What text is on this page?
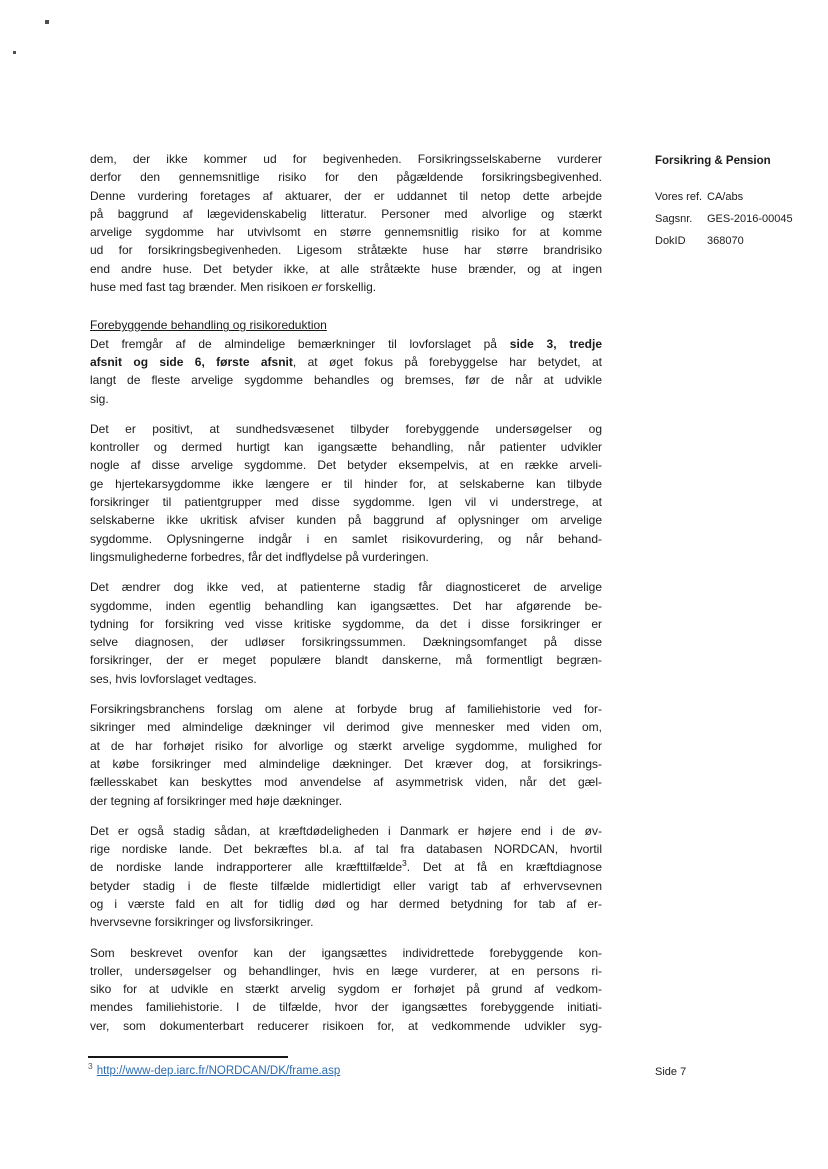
dem, der ikke kommer ud for begivenheden. Forsikringsselskaberne vurderer
derfor den gennemsnitlige risiko for den pågældende forsikringsbegivenhed.
Denne vurdering foretages af aktuarer, der er uddannet til netop dette arbejde
på baggrund af lægevidenskabelig litteratur. Personer med alvorlige og stærkt
arvelige sygdomme har utvivlsomt en større gennemsnitlig risiko for at komme
ud for forsikringsbegivenheden. Ligesom stråtækte huse har større brandrisiko
end andre huse. Det betyder ikke, at alle stråtækte huse brænder, og at ingen
huse med fast tag brænder. Men risikoen er forskellig.
Forebyggende behandling og risikoreduktion
Det fremgår af de almindelige bemærkninger til lovforslaget på side 3, tredje
afsnit og side 6, første afsnit, at øget fokus på forebyggelse har betydet, at
langt de fleste arvelige sygdomme behandles og bremses, før de når at udvikle
sig.
Det er positivt, at sundhedsvæsenet tilbyder forebyggende undersøgelser og
kontroller og dermed hurtigt kan igangsætte behandling, når patienter udvikler
nogle af disse arvelige sygdomme. Det betyder eksempelvis, at en række arveli-
ge hjertekarsygdomme ikke længere er til hinder for, at selskaberne kan tilbyde
forsikringer til patientgrupper med disse sygdomme. Igen vil vi understrege, at
selskaberne ikke ukritisk afviser kunden på baggrund af oplysninger om arvelige
sygdomme. Oplysningerne indgår i en samlet risikovurdering, og når behand-
lingsmulighederne forbedres, får det indflydelse på vurderingen.
Det ændrer dog ikke ved, at patienterne stadig får diagnosticeret de arvelige
sygdomme, inden egentlig behandling kan igangsættes. Det har afgørende be-
tydning for forsikring ved visse kritiske sygdomme, da det i disse forsikringer er
selve diagnosen, der udløser forsikringssummen. Dækningsomfanget på disse
forsikringer, der er meget populære blandt danskerne, må formentligt begræn-
ses, hvis lovforslaget vedtages.
Forsikringsbranchens forslag om alene at forbyde brug af familiehistorie ved for-
sikringer med almindelige dækninger vil derimod give mennesker med viden om,
at de har forhøjet risiko for alvorlige og stærkt arvelige sygdomme, mulighed for
at købe forsikringer med almindelige dækninger. Det kræver dog, at forsikrings-
fællesskabet kan beskyttes mod anvendelse af asymmetrisk viden, når det gæl-
der tegning af forsikringer med høje dækninger.
Det er også stadig sådan, at kræftdødeligheden i Danmark er højere end i de øv-
rige nordiske lande. Det bekræftes bl.a. af tal fra databasen NORDCAN, hvortil
de nordiske lande indrapporterer alle kræfttilfælde$^3$. Det at få en kræftdiagnose
betyder stadig i de fleste tilfælde midlertidigt eller varigt tab af erhvervsevnen
og i værste fald en alt for tidlig død og har dermed betydning for tab af er-
hvervsevne forsikringer og livsforsikringer.
Som beskrevet ovenfor kan der igangsættes individrettede forebyggende kon-
troller, undersøgelser og behandlinger, hvis en læge vurderer, at en persons ri-
siko for at udvikle en stærkt arvelig sygdom er forhøjet på grund af vedkom-
mendes familiehistorie. I de tilfælde, hvor der igangsættes forebyggende initiati-
ver, som dokumenterbart reducerer risikoen for, at vedkommende udvikler syg-
Forsikring & Pension
Vores ref. CA/abs
Sagsnr. GES-2016-00045
DokID 368070
$^3$ http://www-dep.iarc.fr/NORDCAN/DK/frame.asp	Side 7
